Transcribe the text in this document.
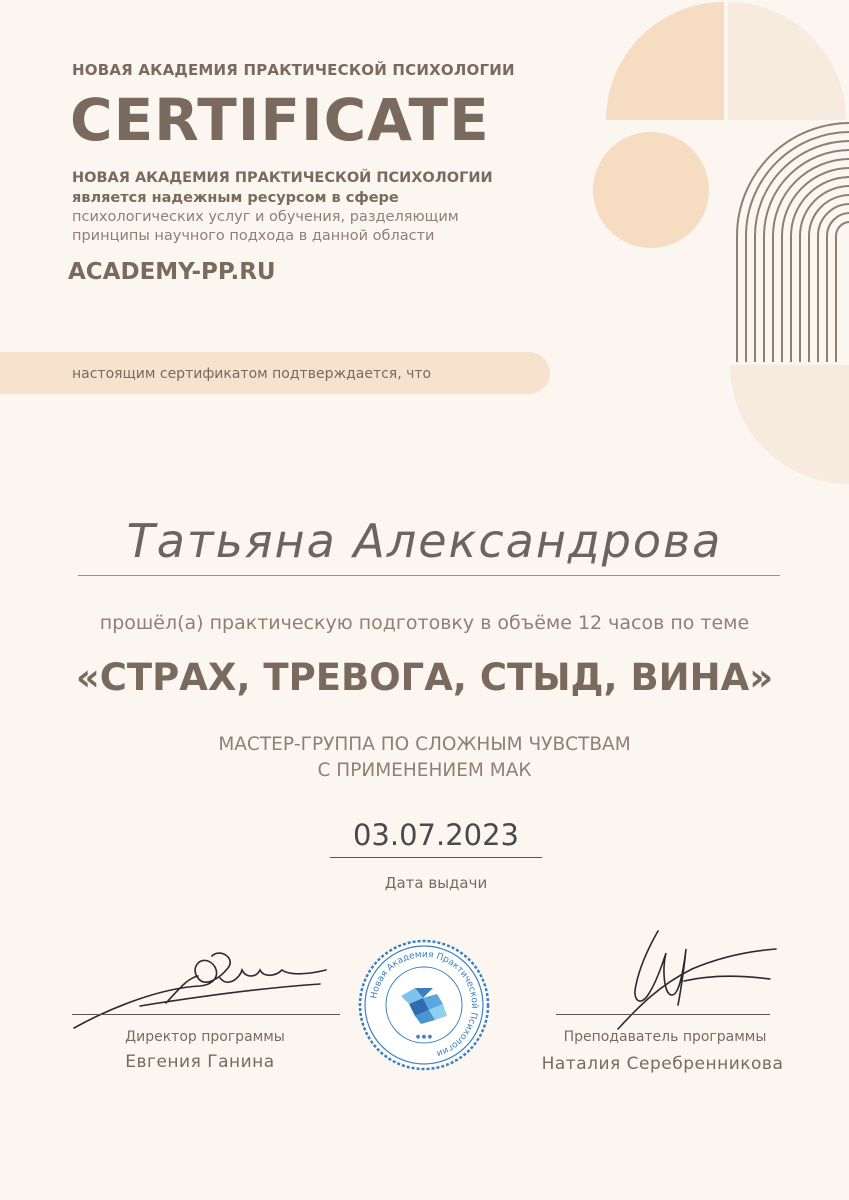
НОВАЯ АКАДЕМИЯ ПРАКТИЧЕСКОЙ ПСИХОЛОГИИ

CERTIFICATE

НОВАЯ АКАДЕМИЯ ПРАКТИЧЕСКОЙ ПСИХОЛОГИИ

является надежным ресурсом в сфере

психологических услуг и обучения, разделяющим

принципы научного подхода в данной области

ACADEMY-PP.RU

настоящим сертификатом подтверждается, что

Татьяна Александрова

прошёл(а) практическую подготовку в объёме 12 часов по теме

«СТРАХ, ТРЕВОГА, СТЫД, ВИНА»

МАСТЕР-ГРУППА ПО СЛОЖНЫМ ЧУВСТВАМ

С ПРИМЕНЕНИЕМ МАК

03.07.2023

Дата выдачи

Директор программы

Евгения Ганина

Новая Академия Практической Психологии
● ● ●	Преподаватель программы

Наталия Серебренникова
